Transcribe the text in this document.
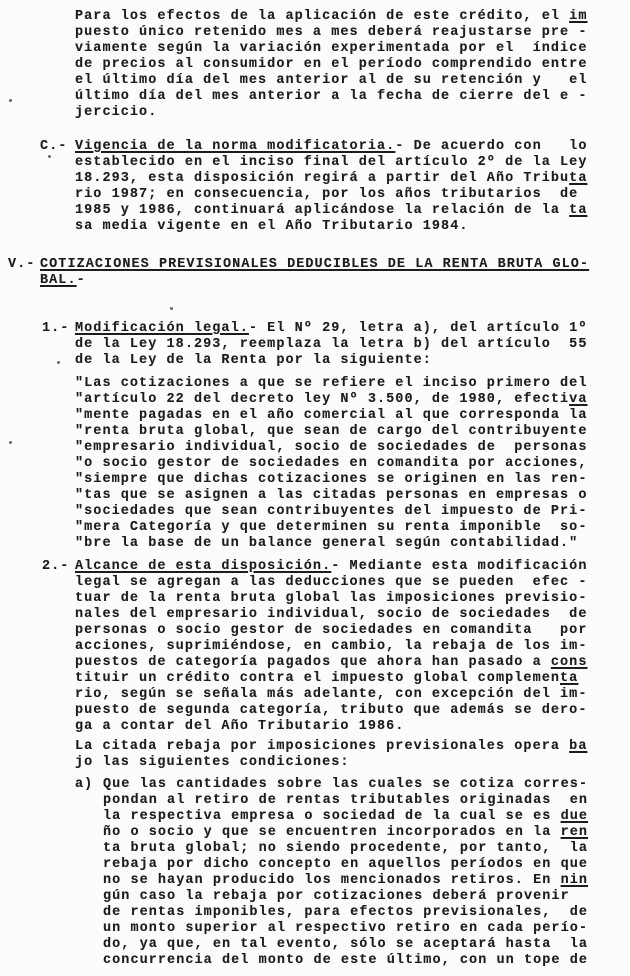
Para los efectos de la aplicación de este crédito, el im
puesto único retenido mes a mes deberá reajustarse pre -
viamente según la variación experimentada por el  índice
de precios al consumidor en el período comprendido entre
el último día del mes anterior al de su retención y   el
último día del mes anterior a la fecha de cierre del e -
jercicio.
C.- Vigencia de la norma modificatoria.- De acuerdo con   lo
establecido en el inciso final del artículo 2º de la Ley
18.293, esta disposición regirá a partir del Año Tributa
rio 1987; en consecuencia, por los años tributarios  de
1985 y 1986, continuará aplicándose la relación de la ta
sa media vigente en el Año Tributario 1984.
V.- COTIZACIONES PREVISIONALES DEDUCIBLES DE LA RENTA BRUTA GLO-
BAL.-
1.- Modificación legal.- El Nº 29, letra a), del artículo 1º
de la Ley 18.293, reemplaza la letra b) del artículo  55
de la Ley de la Renta por la siguiente:
"Las cotizaciones a que se refiere el inciso primero del
"artículo 22 del decreto ley Nº 3.500, de 1980, efectiva
"mente pagadas en el año comercial al que corresponda la
"renta bruta global, que sean de cargo del contribuyente
"empresario individual, socio de sociedades de  personas
"o socio gestor de sociedades en comandita por acciones,
"siempre que dichas cotizaciones se originen en las ren-
"tas que se asignen a las citadas personas en empresas o
"sociedades que sean contribuyentes del impuesto de Pri-
"mera Categoría y que determinen su renta imponible  so-
"bre la base de un balance general según contabilidad."
2.- Alcance de esta disposición.- Mediante esta modificación
legal se agregan a las deducciones que se pueden  efec -
tuar de la renta bruta global las imposiciones previsio-
nales del empresario individual, socio de sociedades  de
personas o socio gestor de sociedades en comandita   por
acciones, suprimiéndose, en cambio, la rebaja de los im-
puestos de categoría pagados que ahora han pasado a cons
tituir un crédito contra el impuesto global complementa
rio, según se señala más adelante, con excepción del im-
puesto de segunda categoría, tributo que además se dero-
ga a contar del Año Tributario 1986.
La citada rebaja por imposiciones previsionales opera ba
jo las siguientes condiciones:
a) Que las cantidades sobre las cuales se cotiza corres-
pondan al retiro de rentas tributables originadas  en
la respectiva empresa o sociedad de la cual se es due
ño o socio y que se encuentren incorporados en la ren
ta bruta global; no siendo procedente, por tanto,  la
rebaja por dicho concepto en aquellos períodos en que
no se hayan producido los mencionados retiros. En nin
gún caso la rebaja por cotizaciones deberá provenir
de rentas imponibles, para efectos previsionales,  de
un monto superior al respectivo retiro en cada perío-
do, ya que, en tal evento, sólo se aceptará hasta  la
concurrencia del monto de este último, con un tope de
